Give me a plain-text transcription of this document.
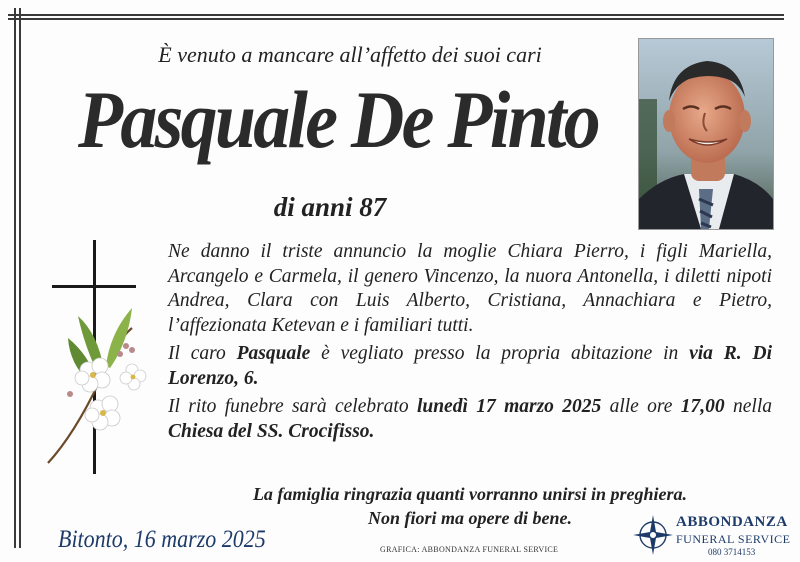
È venuto a mancare all’affetto dei suoi cari
Pasquale De Pinto
di anni 87

Ne danno il triste annuncio la moglie Chiara Pierro, i figli Mariella, Arcangelo e Carmela, il genero Vincenzo, la nuora Antonella, i diletti nipoti Andrea, Clara con Luis Alberto, Cristiana, Annachiara e Pietro, l’affezionata Ketevan e i familiari tutti.

Il caro Pasquale è vegliato presso la propria abitazione in via R. Di Lorenzo, 6.

Il rito funebre sarà celebrato lunedì 17 marzo 2025 alle ore 17,00 nella Chiesa del SS. Crocifisso.

La famiglia ringrazia quanti vorranno unirsi in preghiera.
Non fiori ma opere di bene.
Bitonto, 16 marzo 2025	GRAFICA: ABBONDANZA FUNERAL SERVICE
ABBONDANZA
FUNERAL SERVICE
080 3714153
